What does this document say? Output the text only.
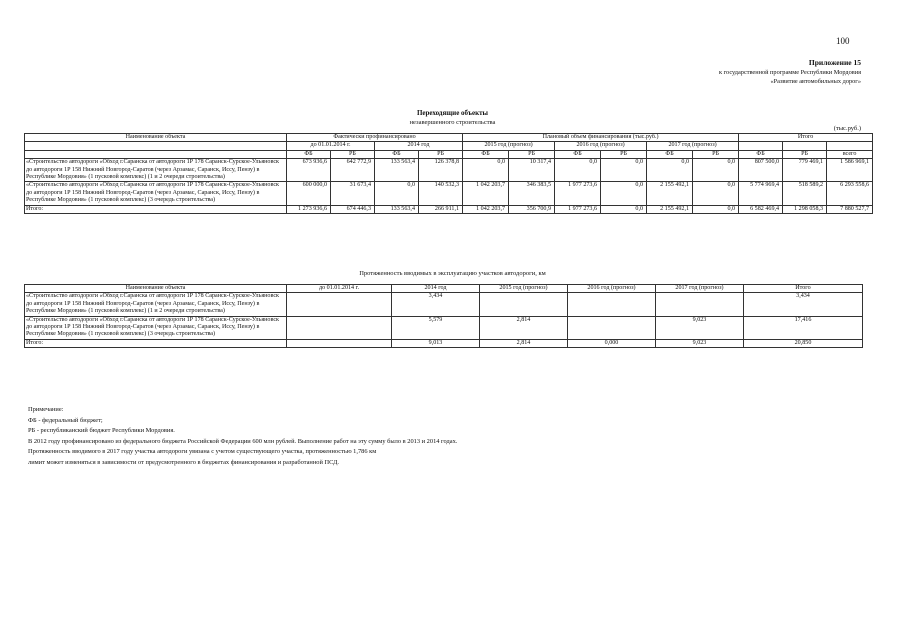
100
Приложение 15
к государственной программе Республики Мордовия
«Развитие автомобильных дорог»
Переходящие объекты
незавершенного строительства
(тыс.руб.)
Наименование объекта	Фактически профинансировано				Плановый объем финансирования (тыс.руб.)						Итого		
	до 01.01.2014 г.		2014 год		2015 год (прогноз)		2016 год (прогноз)		2017 год (прогноз)				
	ФБ	РБ	ФБ	РБ	ФБ	РБ	ФБ	РБ	ФБ	РБ	ФБ	РБ	всего
«Строительство автодороги «Обход г.Саранска от автодороги 1Р 178 Саранск-Сурское-Ульяновск до автодороги 1Р 158 Нижний Новгород-Саратов (через Арзамас, Саранск, Исcу, Пензу) в Республике Мордовия» (1 пусковой комплекс) (1 и 2 очереди строительства)	673 936,6	642 772,9	133 563,4	126 378,8	0,0	10 317,4	0,0	0,0	0,0	0,0	807 500,0	779 469,1	1 586 969,1
«Строительство автодороги «Обход г.Саранска от автодороги 1Р 178 Саранск-Сурское-Ульяновск до автодороги 1Р 158 Нижний Новгород-Саратов (через Арзамас, Саранск, Иссу, Пензу) в Республике Мордовия» (1 пусковой комплекс) (3 очередь строительства)	600 000,0	31 673,4	0,0	140 532,3	1 042 203,7	346 383,5	1 977 273,6	0,0	2 155 492,1	0,0	5 774 969,4	518 589,2	6 293 558,6
Итого:	1 273 936,6	674 446,3	133 563,4	266 911,1	1 042 203,7	356 700,9	1 977 273,6	0,0	2 155 492,1	0,0	6 582 469,4	1 298 058,3	7 880 527,7
Протяженность вводимых в эксплуатацию участков автодороги, км
Наименование объекта	до 01.01.2014 г.	2014 год	2015 год (прогноз)	2016 год (прогноз)	2017 год (прогноз)	Итого
«Строительство автодороги «Обход г.Саранска от автодороги 1Р 178 Саранск-Сурское-Ульяновск до автодороги 1Р 158 Нижний Новгород-Саратов (через Арзамас, Саранск, Иссу, Пензу) в Республике Мордовия» (1 пусковой комплекс) (1 и 2 очереди строительства)		3,434				3,434
«Строительство автодороги «Обход г.Саранска от автодороги 1Р 178 Саранск-Сурское-Ульяновск до автодороги 1Р 158 Нижний Новгород-Саратов (через Арзамас, Саранск, Иссу, Пензу) в Республике Мордовия» (1 пусковой комплекс) (3 очередь строительства)		5,579	2,814		9,023	17,416
Итого:		9,013	2,814	0,000	9,023	20,850
Примечание:
ФБ - федеральный бюджет;
РБ - республиканский бюджет Республики Мордовия.
В 2012 году профинансировано из федерального бюджета Российской Федерации 600 млн рублей. Выполнение работ на эту сумму было в 2013 и 2014 годах.
Протяженность вводимого в 2017 году участка автодороги увязана с учетом существующего участка, протяженностью 1,786 км
лимит может изменяться в зависимости от предусмотренного в бюджетах финансирования и разработанной ПСД.
